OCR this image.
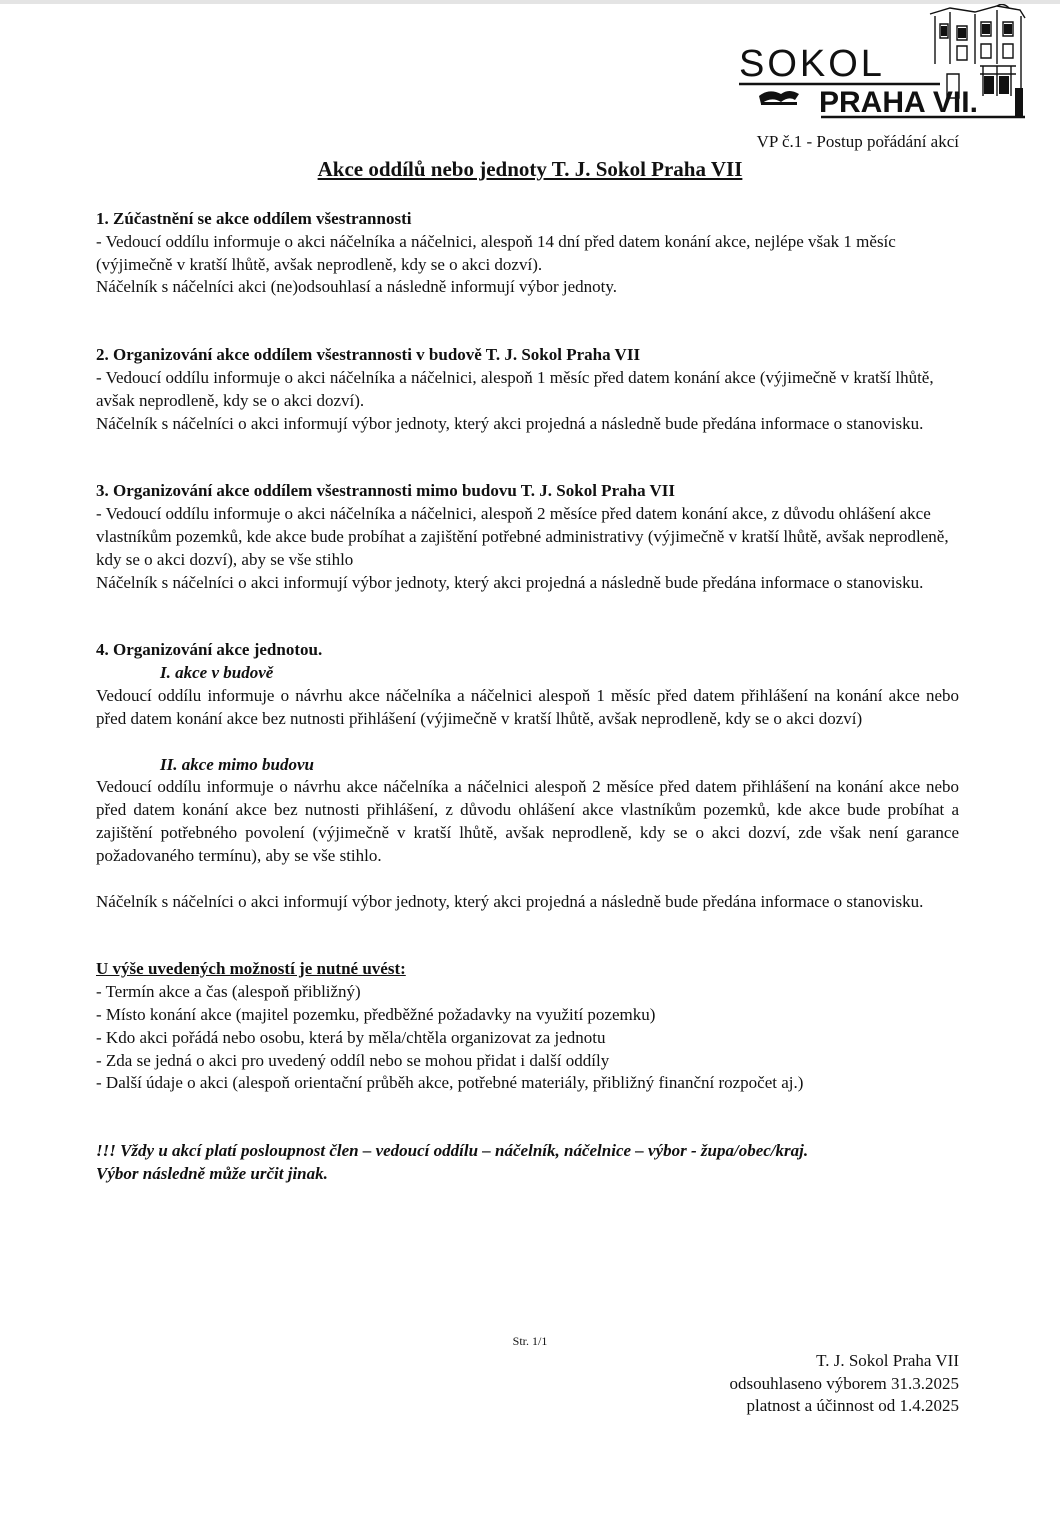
SOKOL
PRAHA VII.
VP č.1 - Postup pořádání akcí
Akce oddílů nebo jednoty T. J. Sokol Praha VII

1. Zúčastnění se akce oddílem všestrannosti

- Vedoucí oddílu informuje o akci náčelníka a náčelnici, alespoň 14 dní před datem konání akce, nejlépe však 1 měsíc (výjimečně v kratší lhůtě, avšak neprodleně, kdy se o akci dozví).

Náčelník s náčelníci akci (ne)odsouhlasí a následně informují výbor jednoty.

2. Organizování akce oddílem všestrannosti v budově T. J. Sokol Praha VII

- Vedoucí oddílu informuje o akci náčelníka a náčelnici, alespoň 1 měsíc před datem konání akce (výjimečně v kratší lhůtě, avšak neprodleně, kdy se o akci dozví).

Náčelník s náčelníci o akci informují výbor jednoty, který akci projedná a následně bude předána informace o stanovisku.

3. Organizování akce oddílem všestrannosti mimo budovu T. J. Sokol Praha VII

- Vedoucí oddílu informuje o akci náčelníka a náčelnici, alespoň 2 měsíce před datem konání akce, z důvodu ohlášení akce vlastníkům pozemků, kde akce bude probíhat a zajištění potřebné administrativy (výjimečně v kratší lhůtě, avšak neprodleně, kdy se o akci dozví), aby se vše stihlo

Náčelník s náčelníci o akci informují výbor jednoty, který akci projedná a následně bude předána informace o stanovisku.

4. Organizování akce jednotou.

I. akce v budově

Vedoucí oddílu informuje o návrhu akce náčelníka a náčelnici alespoň 1 měsíc před datem přihlášení na konání akce nebo před datem konání akce bez nutnosti přihlášení (výjimečně v kratší lhůtě, avšak neprodleně, kdy se o akci dozví)

II. akce mimo budovu

Vedoucí oddílu informuje o návrhu akce náčelníka a náčelnici alespoň 2 měsíce před datem přihlášení na konání akce nebo před datem konání akce bez nutnosti přihlášení, z důvodu ohlášení akce vlastníkům pozemků, kde akce bude probíhat a zajištění potřebného povolení (výjimečně v kratší lhůtě, avšak neprodleně, kdy se o akci dozví, zde však není garance požadovaného termínu), aby se vše stihlo.

Náčelník s náčelníci o akci informují výbor jednoty, který akci projedná a následně bude předána informace o stanovisku.

U výše uvedených možností je nutné uvést:

- Termín akce a čas (alespoň přibližný)
- Místo konání akce (majitel pozemku, předběžné požadavky na využití pozemku)
- Kdo akci pořádá nebo osobu, která by měla/chtěla organizovat za jednotu
- Zda se jedná o akci pro uvedený oddíl nebo se mohou přidat i další oddíly
- Další údaje o akci (alespoň orientační průběh akce, potřebné materiály, přibližný finanční rozpočet aj.)

!!! Vždy u akcí platí posloupnost člen – vedoucí oddílu – náčelník, náčelnice – výbor - župa/obec/kraj.

Výbor následně může určit jinak.

Str. 1/1
T. J. Sokol Praha VII
odsouhlaseno výborem 31.3.2025
platnost a účinnost od 1.4.2025
